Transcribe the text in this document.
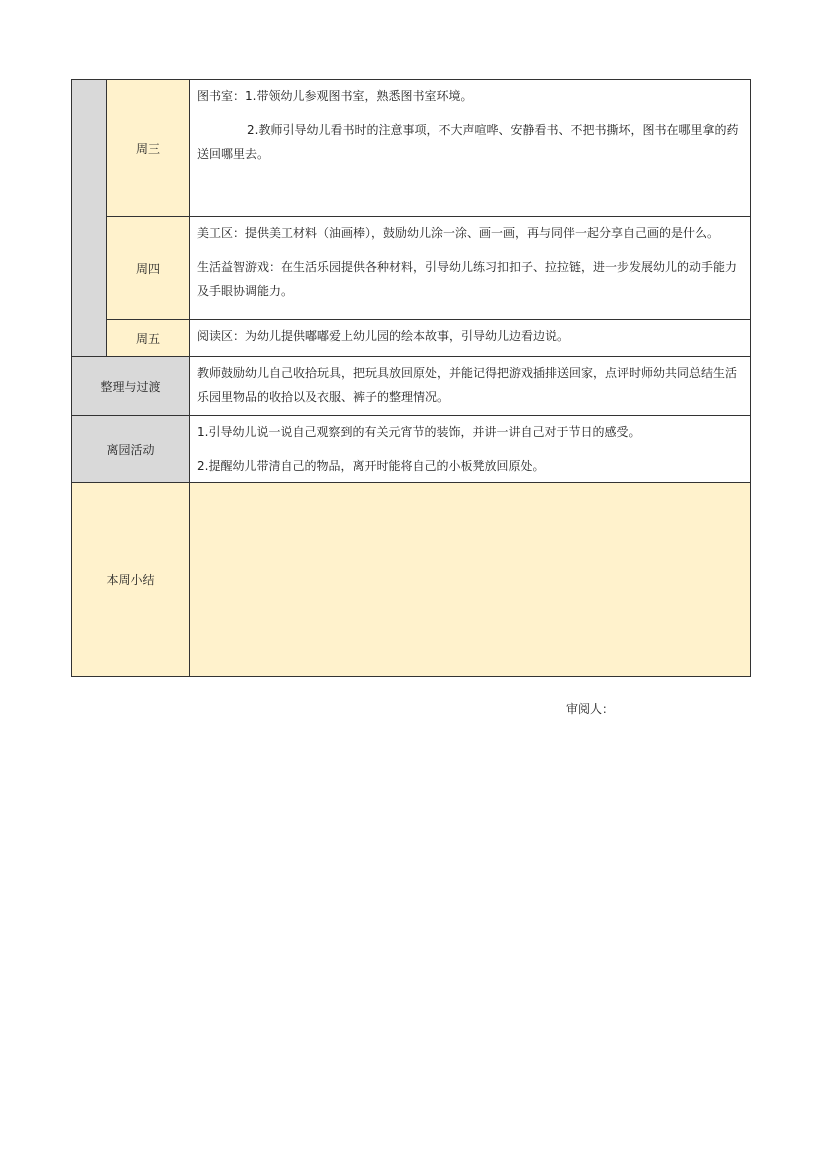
	周三	图书室：1.带领幼儿参观图书室，熟悉图书室环境。

2.教师引导幼儿看书时的注意事项，不大声喧哗、安静看书、不把书撕坏，图书在哪里拿的药送回哪里去。

	周四	美工区：提供美工材料（油画棒），鼓励幼儿涂一涂、画一画，再与同伴一起分享自己画的是什么。

生活益智游戏：在生活乐园提供各种材料，引导幼儿练习扣扣子、拉拉链，进一步发展幼儿的动手能力及手眼协调能力。

	周五	阅读区：为幼儿提供嘟嘟爱上幼儿园的绘本故事，引导幼儿边看边说。

整理与过渡		教师鼓励幼儿自己收拾玩具，把玩具放回原处，并能记得把游戏插排送回家，点评时师幼共同总结生活乐园里物品的收拾以及衣服、裤子的整理情况。

离园活动		1.引导幼儿说一说自己观察到的有关元宵节的装饰，并讲一讲自己对于节日的感受。

2.提醒幼儿带清自己的物品，离开时能将自己的小板凳放回原处。

本周小结		
审阅人：
